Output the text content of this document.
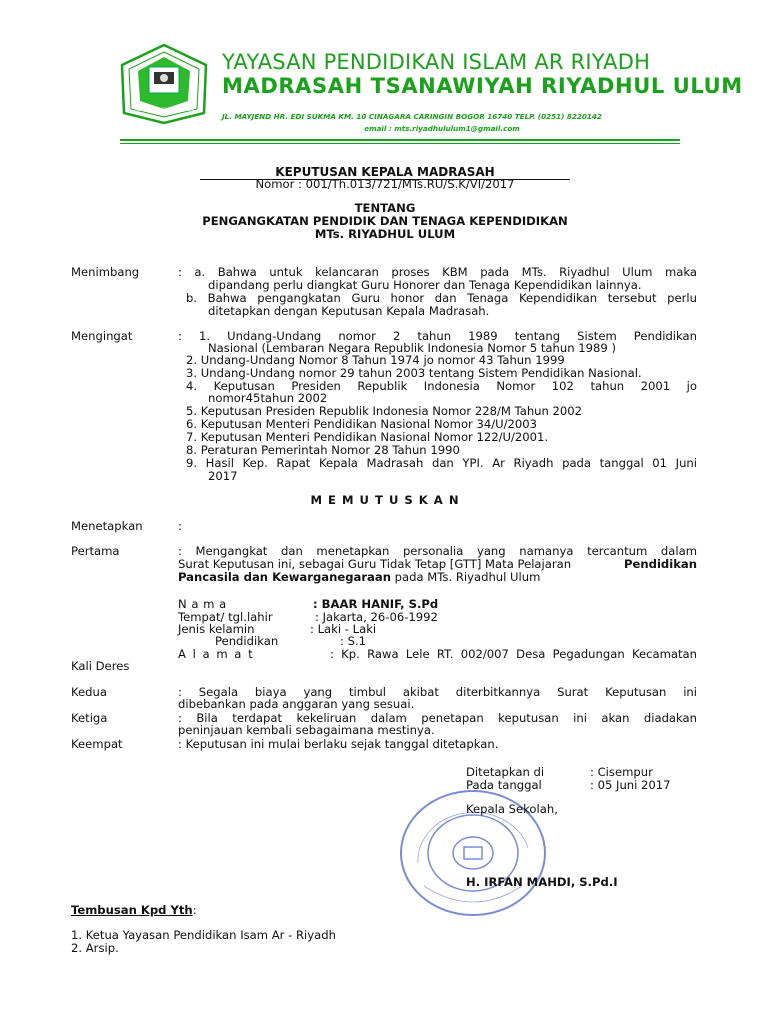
CINEMPUR CARINGIN - BOGOR
YAYASAN PENDIDIKAN ISLAM AR RIYADH
MADRASAH TSANAWIYAH RIYADHUL ULUM
JL. MAYJEND HR. EDI SUKMA KM. 10 CINAGARA CARINGIN BOGOR 16740 TELP. (0251) 8220142
email : mts.riyadhululum1@gmail.com
KEPUTUSAN KEPALA MADRASAH
Nomor : 001/Th.013/721/MTs.RU/S.K/VI/2017
TENTANG
PENGANGKATAN PENDIDIK DAN TENAGA KEPENDIDIKAN
MTs. RIYADHUL ULUM
Menimbang	: a. Bahwa untuk kelancaran proses KBM pada MTs. Riyadhul Ulum maka
dipandang perlu diangkat Guru Honorer dan Tenaga Kependidikan lainnya.
b. Bahwa pengangkatan Guru honor dan Tenaga Kependidikan tersebut perlu
ditetapkan dengan Keputusan Kepala Madrasah.
Mengingat	: 1. Undang-Undang nomor 2 tahun 1989 tentang Sistem Pendidikan
Nasional (Lembaran Negara Republik Indonesia Nomor 5 tahun 1989 )
2. Undang-Undang Nomor 8 Tahun 1974 jo nomor 43 Tahun 1999
3. Undang-Undang nomor 29 tahun 2003 tentang Sistem Pendidikan Nasional.
4. Keputusan Presiden Republik Indonesia Nomor 102 tahun 2001 jo
nomor45tahun 2002
5. Keputusan Presiden Republik Indonesia Nomor 228/M Tahun 2002
6. Keputusan Menteri Pendidikan Nasional Nomor 34/U/2003
7. Keputusan Menteri Pendidikan Nasional Nomor 122/U/2001.
8. Peraturan Pemerintah Nomor 28 Tahun 1990
9. Hasil Kep. Rapat Kepala Madrasah dan YPI. Ar Riyadh pada tanggal 01 Juni
2017
M E M U T U S K A N
Menetapkan	:
Pertama	: Mengangkat dan menetapkan personalia yang namanya tercantum dalam
Surat Keputusan ini, sebagai Guru Tidak Tetap [GTT] Mata Pelajaran	Pendidikan
Pancasila dan Kewarganegaraan pada MTs. Riyadhul Ulum
N a m a	: BAAR HANIF, S.Pd
Tempat/ tgl.lahir	: Jakarta, 26-06-1992
Jenis kelamin	: Laki - Laki
Pendidikan	: S.1
A l a m a t	: Kp. Rawa Lele RT. 002/007 Desa Pegadungan Kecamatan
Kali Deres
Kedua	: Segala biaya yang timbul akibat diterbitkannya Surat Keputusan ini
dibebankan pada anggaran yang sesuai.
Ketiga	: Bila terdapat kekeliruan dalam penetapan keputusan ini akan diadakan
peninjauan kembali sebagaimana mestinya.
Keempat	: Keputusan ini mulai berlaku sejak tanggal ditetapkan.
Ditetapkan di	: Cisempur
Pada tanggal	: 05 Juni 2017
Kepala Sekolah,
H. IRFAN MAHDI, S.Pd.I
Tembusan Kpd Yth:
1. Ketua Yayasan Pendidikan Isam Ar - Riyadh
2. Arsip.
